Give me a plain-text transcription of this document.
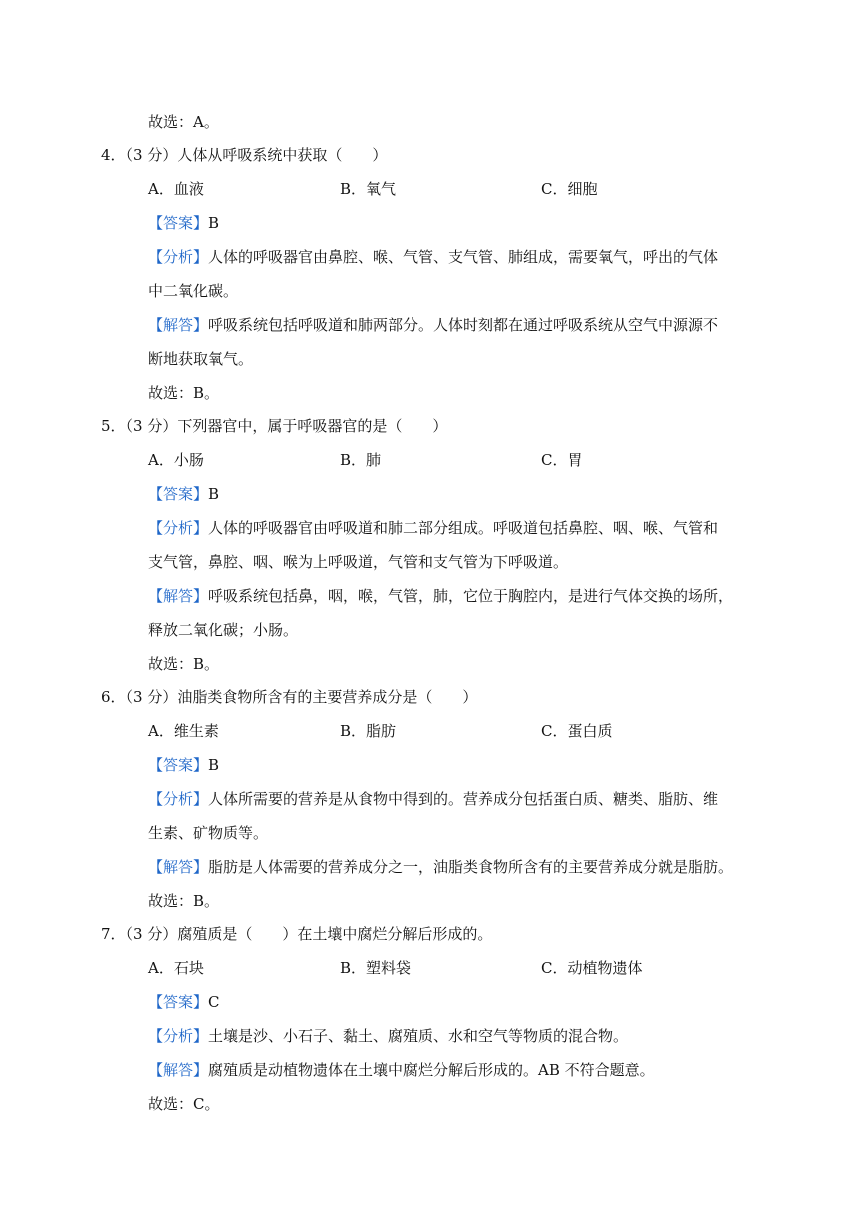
故选：A。
4．（3 分）人体从呼吸系统中获取（　　）
A．血液	B．氧气	C．细胞
【答案】B
【分析】人体的呼吸器官由鼻腔、喉、气管、支气管、肺组成，需要氧气，呼出的气体
中二氧化碳。
【解答】呼吸系统包括呼吸道和肺两部分。人体时刻都在通过呼吸系统从空气中源源不
断地获取氧气。
故选：B。
5．（3 分）下列器官中，属于呼吸器官的是（　　）
A．小肠	B．肺	C．胃
【答案】B
【分析】人体的呼吸器官由呼吸道和肺二部分组成。呼吸道包括鼻腔、咽、喉、气管和
支气管，鼻腔、咽、喉为上呼吸道，气管和支气管为下呼吸道。
【解答】呼吸系统包括鼻，咽，喉，气管，肺，它位于胸腔内，是进行气体交换的场所，
释放二氧化碳；小肠。
故选：B。
6．（3 分）油脂类食物所含有的主要营养成分是（　　）
A．维生素	B．脂肪	C．蛋白质
【答案】B
【分析】人体所需要的营养是从食物中得到的。营养成分包括蛋白质、糖类、脂肪、维
生素、矿物质等。
【解答】脂肪是人体需要的营养成分之一，油脂类食物所含有的主要营养成分就是脂肪。
故选：B。
7．（3 分）腐殖质是（　　）在土壤中腐烂分解后形成的。
A．石块	B．塑料袋	C．动植物遗体
【答案】C
【分析】土壤是沙、小石子、黏土、腐殖质、水和空气等物质的混合物。
【解答】腐殖质是动植物遗体在土壤中腐烂分解后形成的。AB 不符合题意。
故选：C。
